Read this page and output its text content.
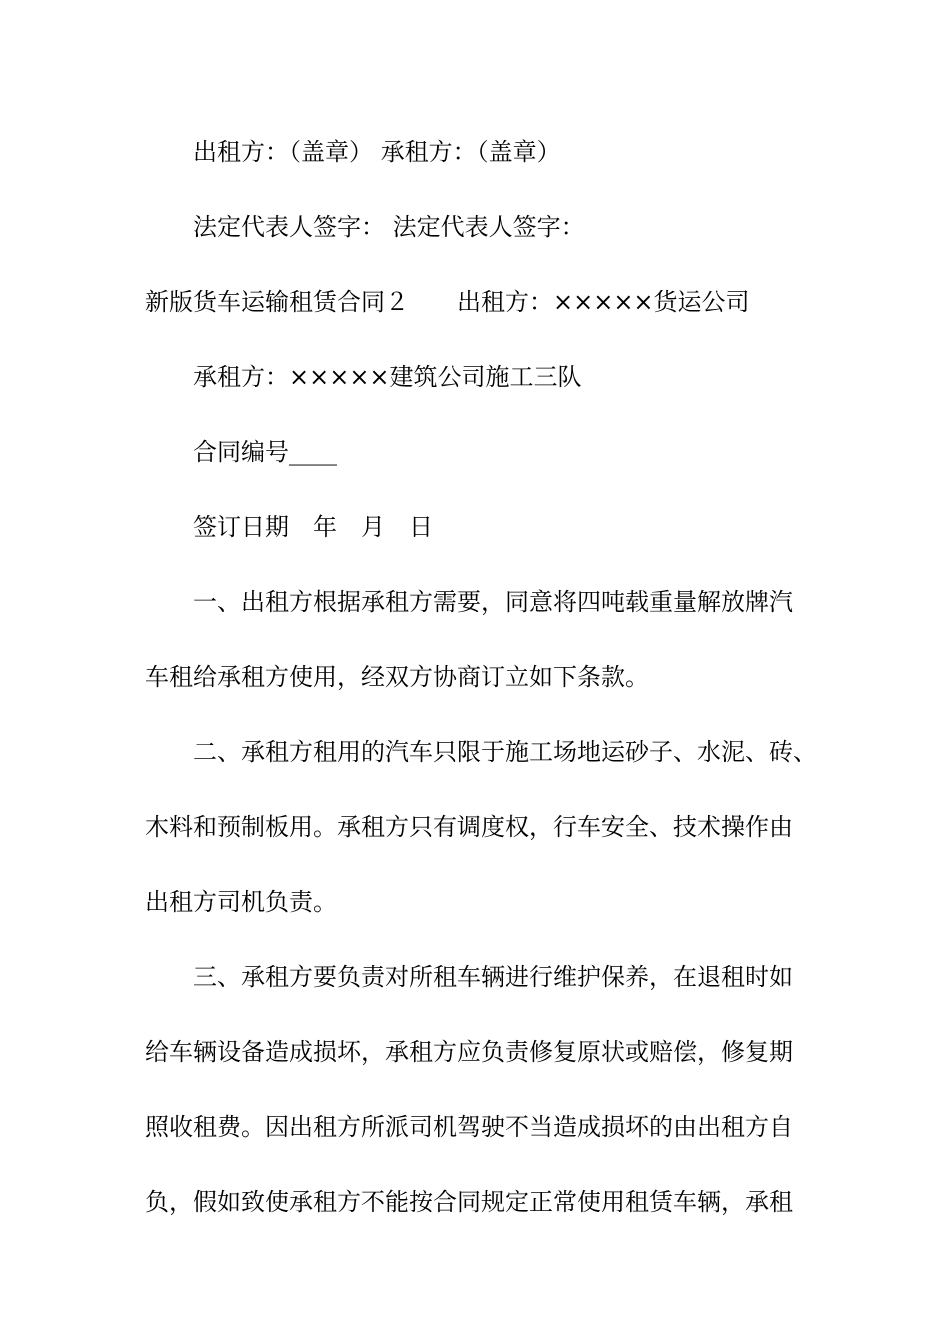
出租方：（盖章） 承租方：（盖章）
法定代表人签字： 法定代表人签字：
新版货车运输租赁合同２ 出租方：×××××货运公司
承租方：×××××建筑公司施工三队
合同编号____
签订日期　年　月　日
一、出租方根据承租方需要，同意将四吨载重量解放牌汽
车租给承租方使用，经双方协商订立如下条款。
二、承租方租用的汽车只限于施工场地运砂子、水泥、砖、
木料和预制板用。承租方只有调度权，行车安全、技术操作由
出租方司机负责。
三、承租方要负责对所租车辆进行维护保养，在退租时如
给车辆设备造成损坏，承租方应负责修复原状或赔偿，修复期
照收租费。因出租方所派司机驾驶不当造成损坏的由出租方自
负，假如致使承租方不能按合同规定正常使用租赁车辆，承租
